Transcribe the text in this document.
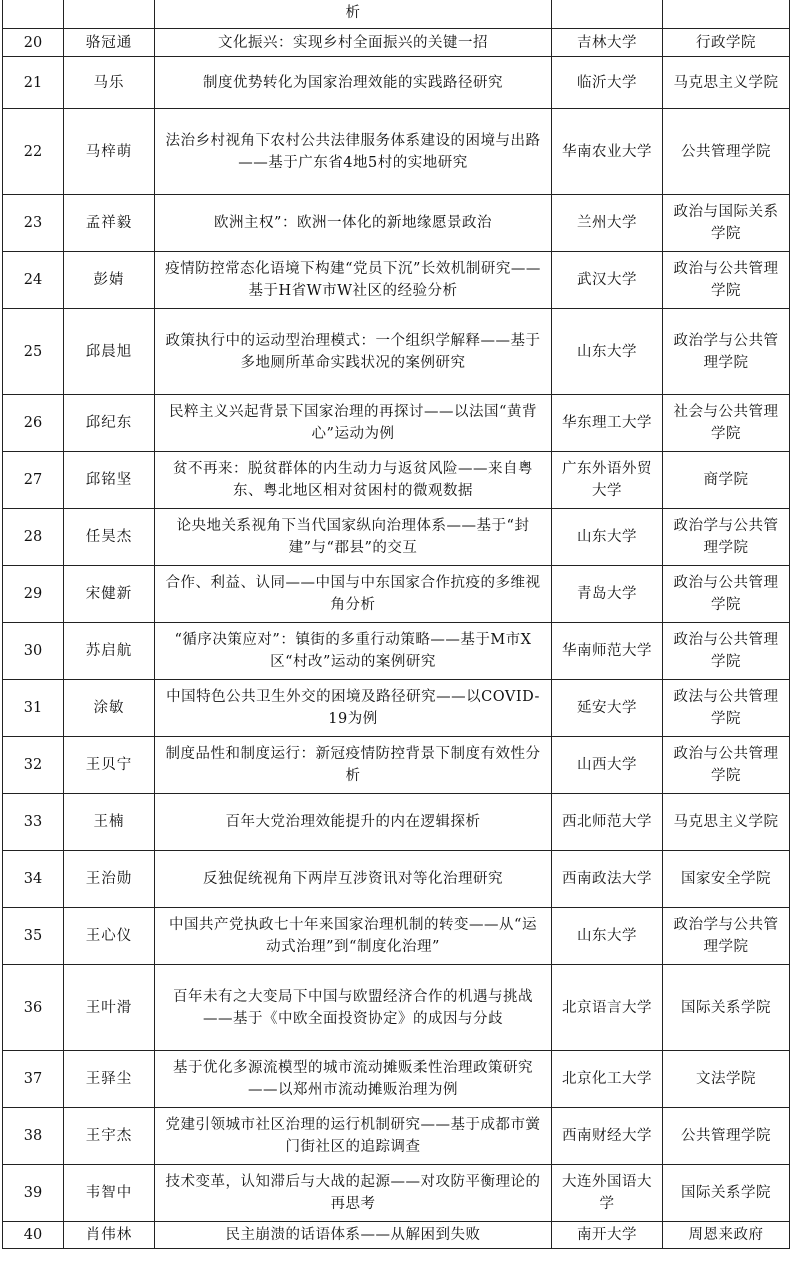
		析		
20	骆冠通	文化振兴：实现乡村全面振兴的关键一招	吉林大学	行政学院
21	马乐	制度优势转化为国家治理效能的实践路径研究	临沂大学	马克思主义学院
22	马梓萌	法治乡村视角下农村公共法律服务体系建设的困境与出路——基于广东省4地5村的实地研究	华南农业大学	公共管理学院
23	孟祥毅	欧洲主权”：欧洲一体化的新地缘愿景政治	兰州大学	政治与国际关系学院
24	彭婧	疫情防控常态化语境下构建“党员下沉”长效机制研究——基于H省W市W社区的经验分析	武汉大学	政治与公共管理学院
25	邱晨旭	政策执行中的运动型治理模式：一个组织学解释——基于多地厕所革命实践状况的案例研究	山东大学	政治学与公共管理学院
26	邱纪东	民粹主义兴起背景下国家治理的再探讨——以法国“黄背心”运动为例	华东理工大学	社会与公共管理学院
27	邱铭坚	贫不再来：脱贫群体的内生动力与返贫风险——来自粤东、粤北地区相对贫困村的微观数据	广东外语外贸大学	商学院
28	任昊杰	论央地关系视角下当代国家纵向治理体系——基于“封建”与“郡县”的交互	山东大学	政治学与公共管理学院
29	宋健新	合作、利益、认同——中国与中东国家合作抗疫的多维视角分析	青岛大学	政治与公共管理学院
30	苏启航	“循序决策应对”：镇街的多重行动策略——基于M市X区“村改”运动的案例研究	华南师范大学	政治与公共管理学院
31	涂敏	中国特色公共卫生外交的困境及路径研究——以COVID-19为例	延安大学	政法与公共管理学院
32	王贝宁	制度品性和制度运行：新冠疫情防控背景下制度有效性分析	山西大学	政治与公共管理学院
33	王楠	百年大党治理效能提升的内在逻辑探析	西北师范大学	马克思主义学院
34	王治勋	反独促统视角下两岸互涉资讯对等化治理研究	西南政法大学	国家安全学院
35	王心仪	中国共产党执政七十年来国家治理机制的转变——从“运动式治理”到“制度化治理”	山东大学	政治学与公共管理学院
36	王叶滑	百年未有之大变局下中国与欧盟经济合作的机遇与挑战——基于《中欧全面投资协定》的成因与分歧	北京语言大学	国际关系学院
37	王驿尘	基于优化多源流模型的城市流动摊贩柔性治理政策研究——以郑州市流动摊贩治理为例	北京化工大学	文法学院
38	王宇杰	党建引领城市社区治理的运行机制研究——基于成都市黉门街社区的追踪调查	西南财经大学	公共管理学院
39	韦智中	技术变革，认知滞后与大战的起源——对攻防平衡理论的再思考	大连外国语大学	国际关系学院
40	肖伟林	民主崩溃的话语体系——从解困到失败	南开大学	周恩来政府
